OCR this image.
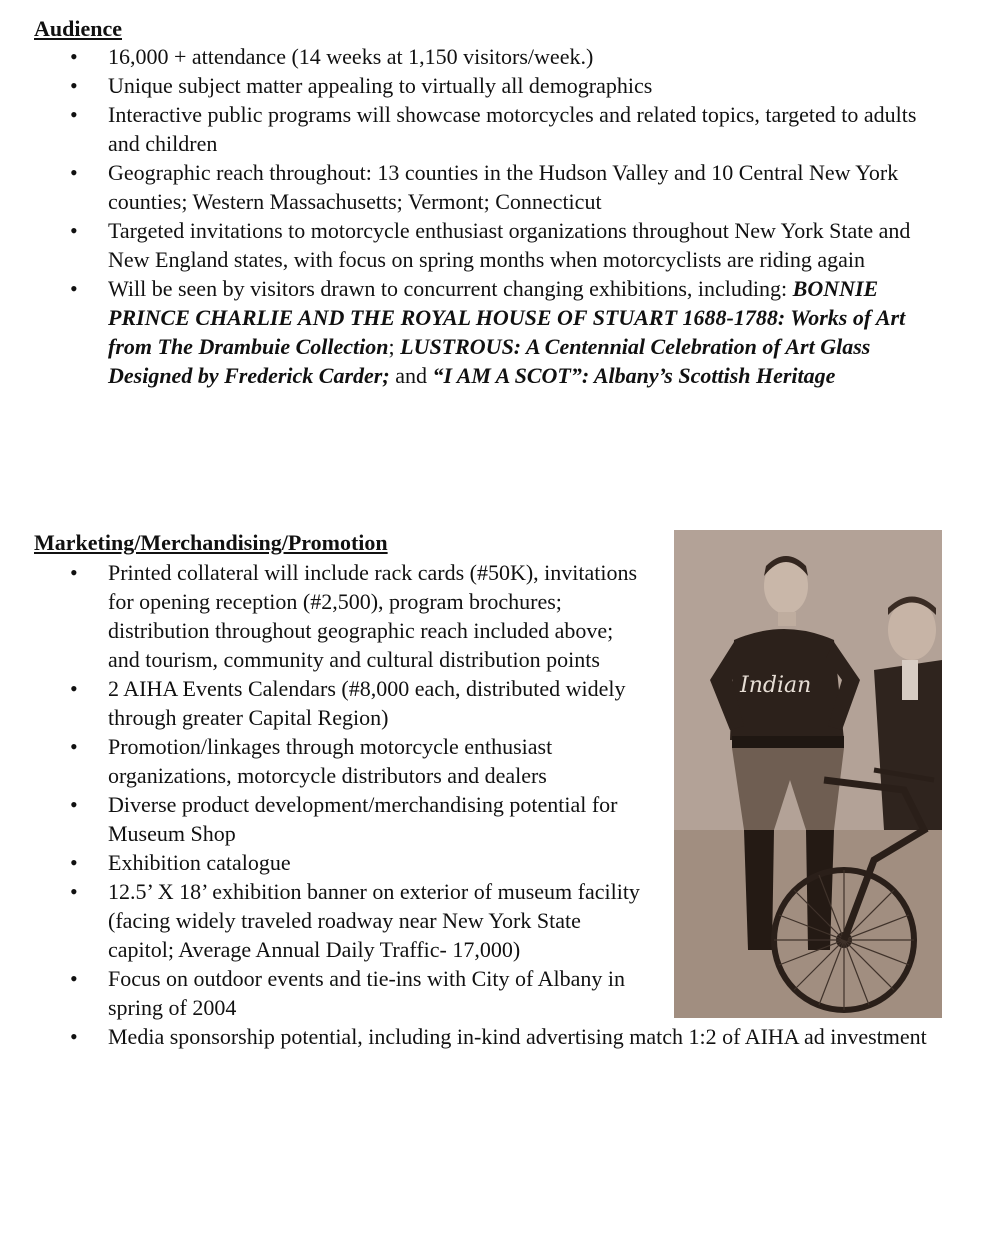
Audience
• 16,000 + attendance (14 weeks at 1,150 visitors/week.)
• Unique subject matter appealing to virtually all demographics
• Interactive public programs will showcase motorcycles and related topics, targeted to adults and children
• Geographic reach throughout: 13 counties in the Hudson Valley and 10 Central New York counties; Western Massachusetts; Vermont; Connecticut
• Targeted invitations to motorcycle enthusiast organizations throughout New York State and New England states, with focus on spring months when motorcyclists are riding again
• Will be seen by visitors drawn to concurrent changing exhibitions, including: BONNIE PRINCE CHARLIE AND THE ROYAL HOUSE OF STUART 1688-1788: Works of Art from The Drambuie Collection; LUSTROUS: A Centennial Celebration of Art Glass Designed by Frederick Carder; and “I AM A SCOT”: Albany’s Scottish Heritage
Marketing/Merchandising/Promotion
• Printed collateral will include rack cards (#50K), invitations for opening reception (#2,500), program brochures; distribution throughout geographic reach included above; and tourism, community and cultural distribution points
• 2 AIHA Events Calendars (#8,000 each, distributed widely through greater Capital Region)
• Promotion/linkages through motorcycle enthusiast organizations, motorcycle distributors and dealers
• Diverse product development/merchandising potential for Museum Shop
• Exhibition catalogue
• 12.5’ X 18’ exhibition banner on exterior of museum facility (facing widely traveled roadway near New York State capitol; Average Annual Daily Traffic- 17,000)
• Focus on outdoor events and tie-ins with City of Albany in spring of 2004
• Media sponsorship potential, including in-kind advertising match 1:2 of AIHA ad investment
Indian
